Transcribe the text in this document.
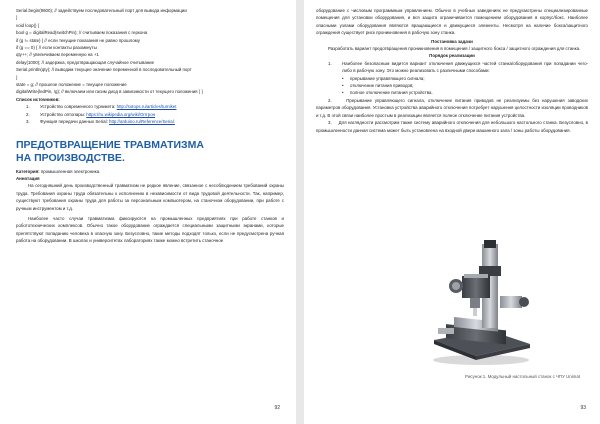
Serial.begin(9600); // задействуем последовательный порт для вывода информации
}
void loop() {
bool g = digitalRead(switchPin); // считываем показания с геркона
if (g != state) { // если текущие показания не равно прошлому
if (g == 0) { // если контакты разомкнуты
qty++; // увеличиваем переменную на +1
delay(1000); // задержка, предотвращающая случайное считывание
Serial.println(qty); // выводим текущее значение переменной в последовательный порт
}
state = g; // прошлое положение = текущее положение
digitalWrite(ledPin, !g); // включаем или гасим диод в зависимости от текущего положения } }
Список источников:
1.	Устройство современного турникета: http://sotops.ru/articles/turniket
2.	Устройство оптопары: https://ru.wikipedia.org/wiki/Оптрон
3.	Функция передачи данных Serial: http://arduino.ru/Reference/Serial.
ПРЕДОТВРАЩЕНИЕ ТРАВМАТИЗМА
НА ПРОИЗВОДСТВЕ.
Категория: промышленная электроника.
Аннотация
На сегодняшний день производственный травматизм не редкое явление, связанное с несоблюдением требований охраны труда. Требования охраны труда обязательны к исполнению в независимости от вида трудовой деятельности. Так, например, существуют требования охраны труда для работы за персональным компьютером, на станочном оборудовании, при работе с ручным инструментом и т.д.
Наиболее часто случаи травматизма фиксируются на промышленных предприятиях при работе станков и робототехнических комплексов. Обычно такое оборудование ограждается специальными защитными экранами, которые препятствуют попаданию человека в опасную зону. Безусловно, такие методы подходят только, если не предусмотрена ручная работа на оборудовании. В школах и университетах лабораториях также можно встретить станочное
92
оборудование с числовым программным управлением. Обычно в учебных заведениях не предусмотрены специализированные помещения для установки оборудования, и вся защита ограничивается помещением оборудования в корпус/бокс. Наиболее опасными узлами оборудования являются вращающиеся и движущиеся элементы. Несмотря на наличие бокса/защитного ограждения существует риск проникновения в рабочую зону станка.
Постановка задачи
Разработать вариант предотвращения проникновения в помещения / защитного бокса / защитного ограждения для станка.
Порядок реализации
1.	Наиболее безопасным видится вариант отключения движущихся частей станка/оборудования при попадании чего-либо в рабочую зону. Это можно реализовать с различными способами:
•	прерывание управляющего сигнала;
•	отключение питания приводов;
•	полное отключение питания устройства.
2.     Прерывание управляющего сигнала, отключение питания приводов не реализуемы без нарушения заводских параметров оборудования. Установка устройства аварийного отключения потребует нарушения целостности изоляции проводников и т.д. В этой связи наиболее простым в реализации является полное отключение питания устройства.
3.     Для наглядности рассмотрим также систему аварийного отключения для небольшого настольного станка. Безусловно, в промышленности данная система может быть установлена на входной двери машинного зала / зоны работы оборудования.
Рисунок 1. Модульный настольный станок с ЧПУ Unimat
93
